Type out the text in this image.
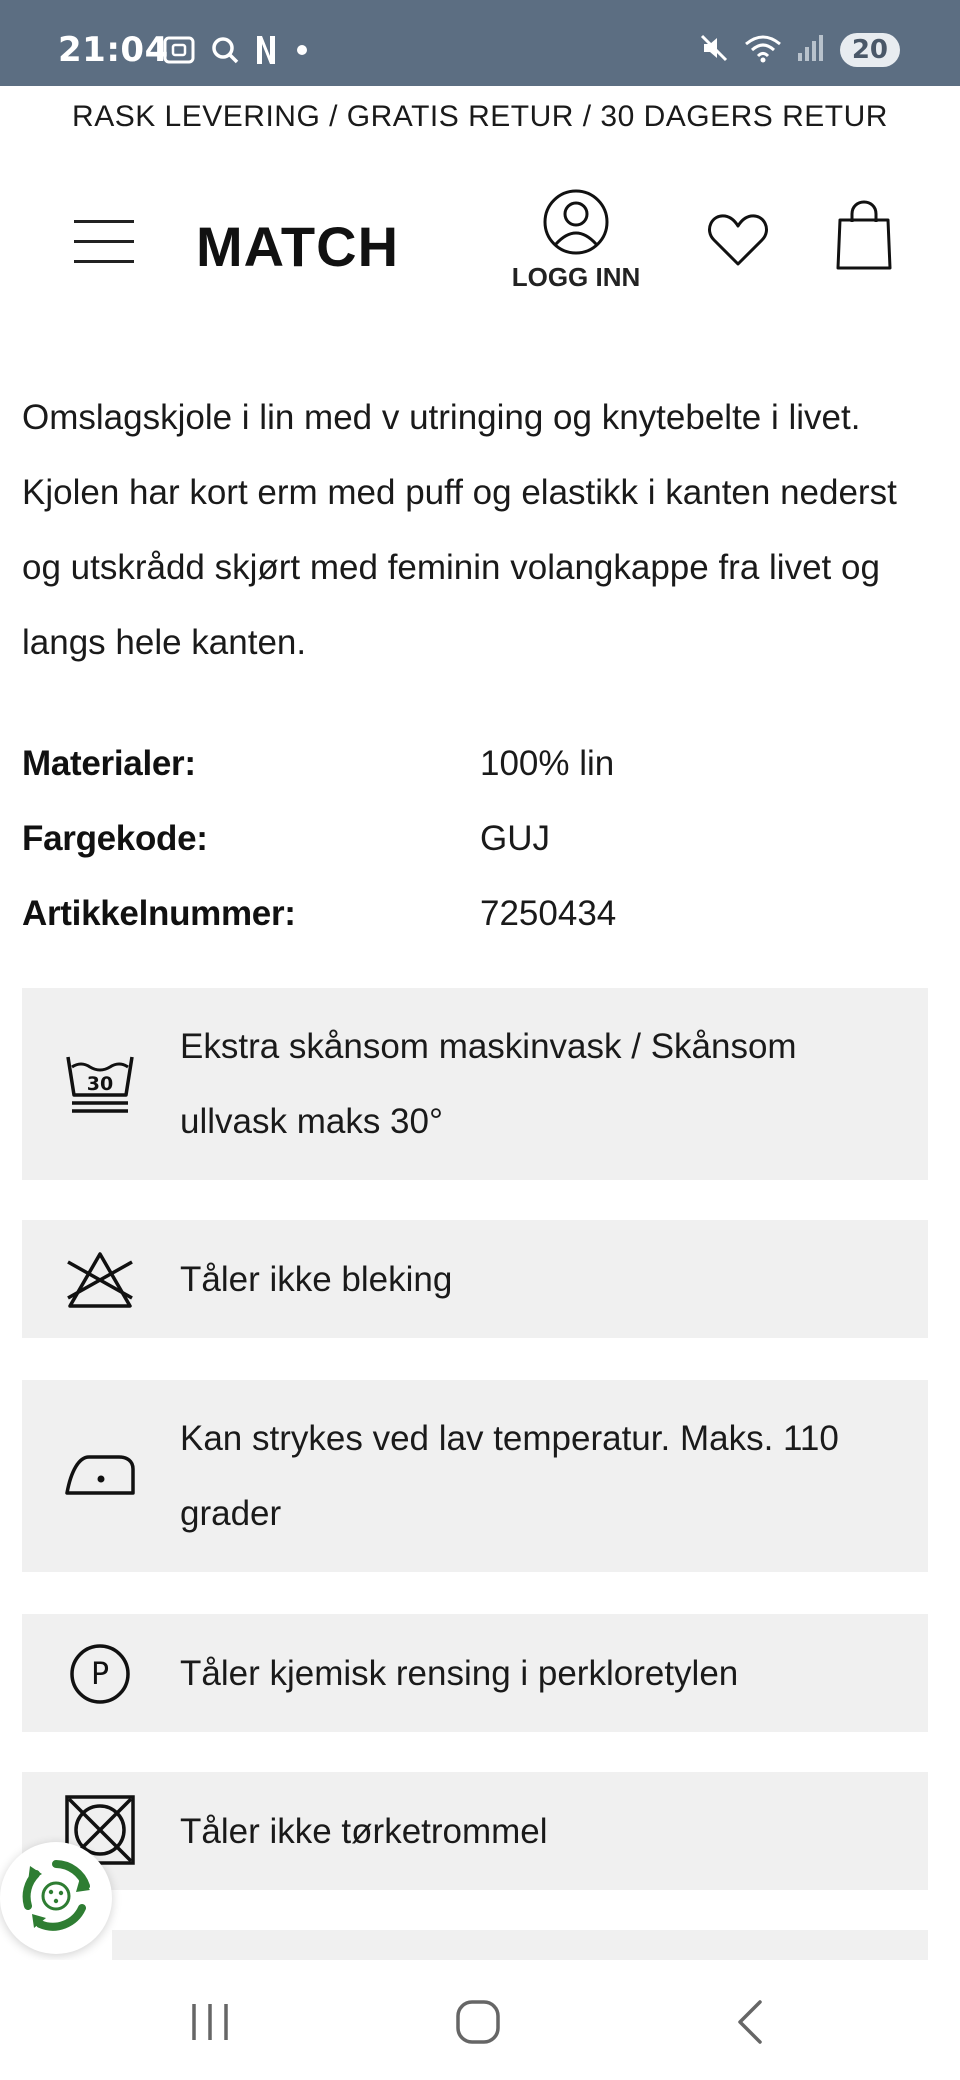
21:04	20
RASK LEVERING / GRATIS RETUR / 30 DAGERS RETUR
MATCH	LOGG INN

Omslagskjole i lin med v utringing og knytebelte i livet. Kjolen har kort erm med puff og elastikk i kanten nederst og utskrådd skjørt med feminin volangkappe fra livet og langs hele kanten.

Materialer:	100% lin
Fargekode:	GUJ
Artikkelnummer:	7250434
30
Ekstra skånsom maskinvask / Skånsom ullvask maks 30°
Tåler ikke bleking
Kan strykes ved lav temperatur. Maks. 110 grader
P Tåler kjemisk rensing i perkloretylen
Tåler ikke tørketrommel
